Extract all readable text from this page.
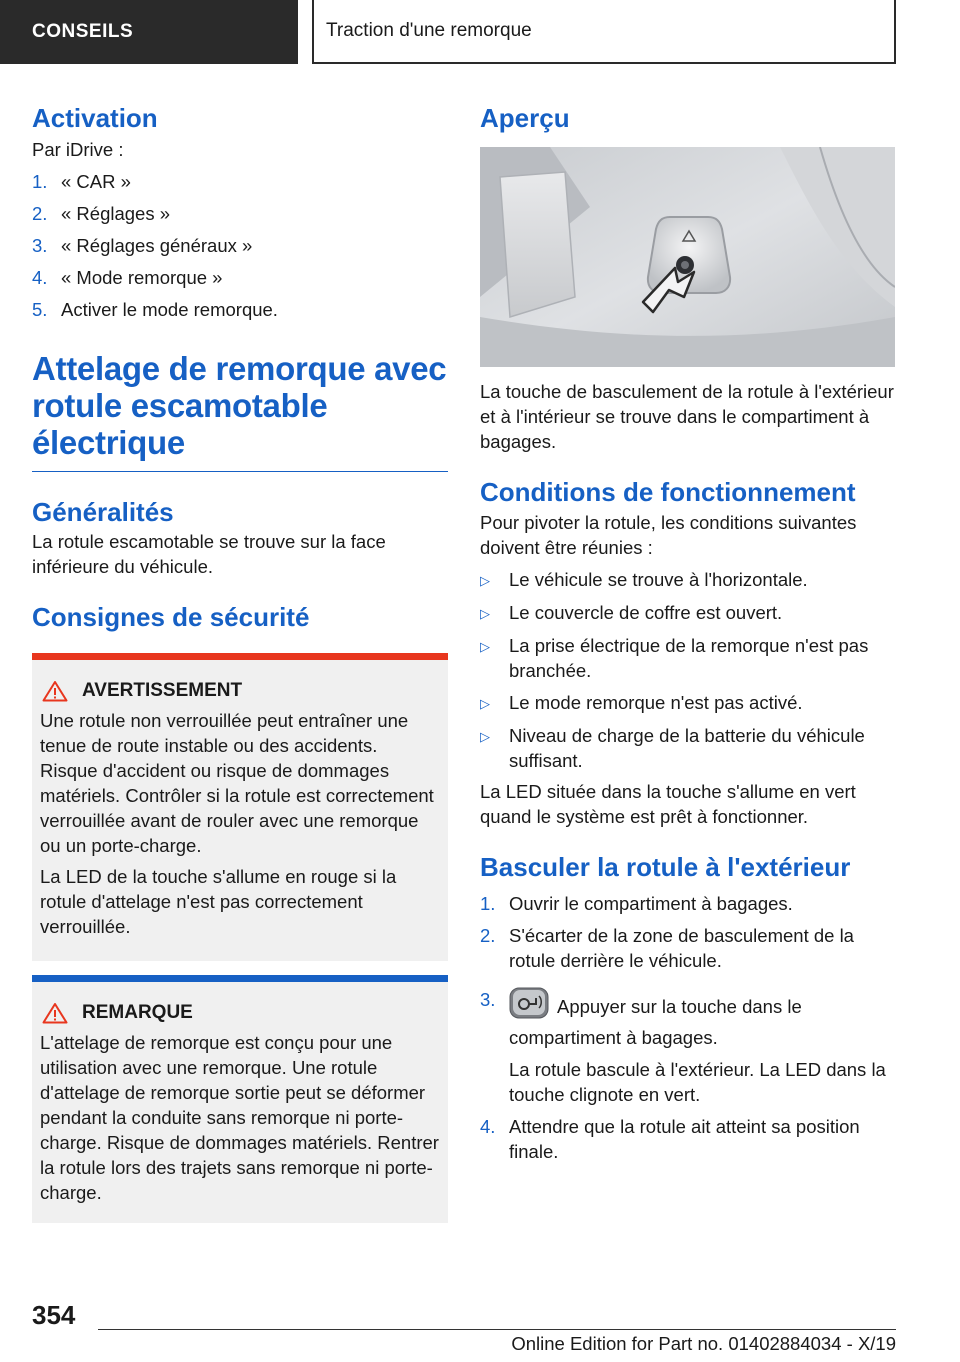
CONSEILS	Traction d'une remorque
Activation

Par iDrive :

1. « CAR »
2. « Réglages »
3. « Réglages généraux »
4. « Mode remorque »
5. Activer le mode remorque.
Attelage de remorque avec
rotule escamotable
électrique
Généralités

La rotule escamotable se trouve sur la face inférieure du véhicule.

Consignes de sécurité
AVERTISSEMENT

Une rotule non verrouillée peut entraîner une tenue de route instable ou des accidents. Risque d'accident ou risque de dommages matériels. Contrôler si la rotule est correctement verrouillée avant de rouler avec une remorque ou un porte-charge.

La LED de la touche s'allume en rouge si la rotule d'attelage n'est pas correctement verrouillée.

REMARQUE

L'attelage de remorque est conçu pour une utilisation avec une remorque. Une rotule d'attelage de remorque sortie peut se déformer pendant la conduite sans remorque ni porte-charge. Risque de dommages matériels. Rentrer la rotule lors des trajets sans remorque ni porte-charge.

Aperçu

La touche de basculement de la rotule à l'extérieur et à l'intérieur se trouve dans le compartiment à bagages.

Conditions de fonctionnement

Pour pivoter la rotule, les conditions suivantes doivent être réunies :

▷	Le véhicule se trouve à l'horizontale.
▷	Le couvercle de coffre est ouvert.
▷	La prise électrique de la remorque n'est pas branchée.
▷	Le mode remorque n'est pas activé.
▷	Niveau de charge de la batterie du véhicule suffisant.

La LED située dans la touche s'allume en vert quand le système est prêt à fonctionner.

Basculer la rotule à l'extérieur
1. Ouvrir le compartiment à bagages.
2. S'écarter de la zone de basculement de la rotule derrière le véhicule.
3.	Appuyer sur la touche dans le compartiment à bagages.

La rotule bascule à l'extérieur. La LED dans la touche clignote en vert.

4. Attendre que la rotule ait atteint sa position finale.
354
Online Edition for Part no. 01402884034 - X/19
